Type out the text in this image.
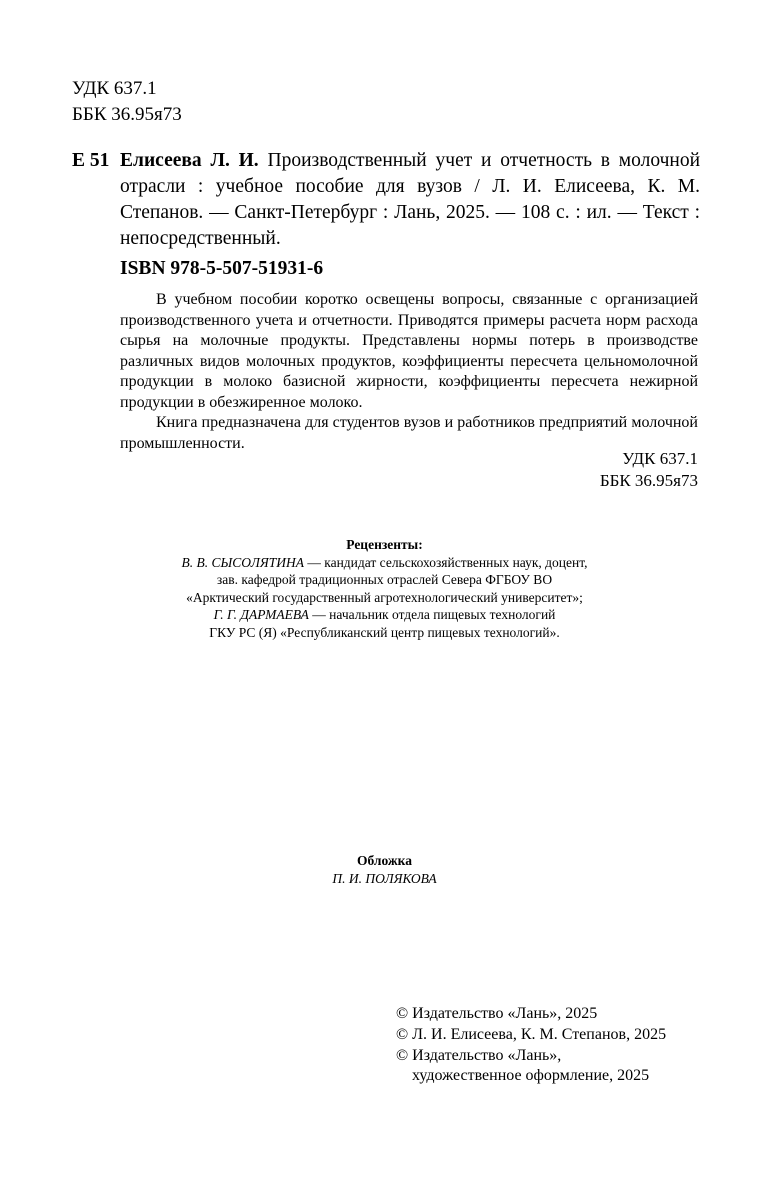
УДК 637.1
ББК 36.95я73
Е 51 Елисеева Л. И. Производственный учет и отчетность в молочной отрасли : учебное пособие для вузов / Л. И. Елисеева, К. М. Степанов. — Санкт-Петербург : Лань, 2025. — 108 с. : ил. — Текст : непосредственный.
ISBN 978-5-507-51931-6

В учебном пособии коротко освещены вопросы, связанные с организацией производственного учета и отчетности. Приводятся примеры расчета норм расхода сырья на молочные продукты. Представлены нормы потерь в производстве различных видов молочных продуктов, коэффициенты пересчета цельномолочной продукции в молоко базисной жирности, коэффициенты пересчета нежирной продукции в обезжиренное молоко.

Книга предназначена для студентов вузов и работников предприятий молочной промышленности.

УДК 637.1
ББК 36.95я73
Рецензенты:
В. В. СЫСОЛЯТИНА — кандидат сельскохозяйственных наук, доцент,
зав. кафедрой традиционных отраслей Севера ФГБОУ ВО
«Арктический государственный агротехнологический университет»;
Г. Г. ДАРМАЕВА — начальник отдела пищевых технологий
ГКУ РС (Я) «Республиканский центр пищевых технологий».
Обложка
П. И. ПОЛЯКОВА
© Издательство «Лань», 2025
© Л. И. Елисеева, К. М. Степанов, 2025
© Издательство «Лань»,
художественное оформление, 2025
